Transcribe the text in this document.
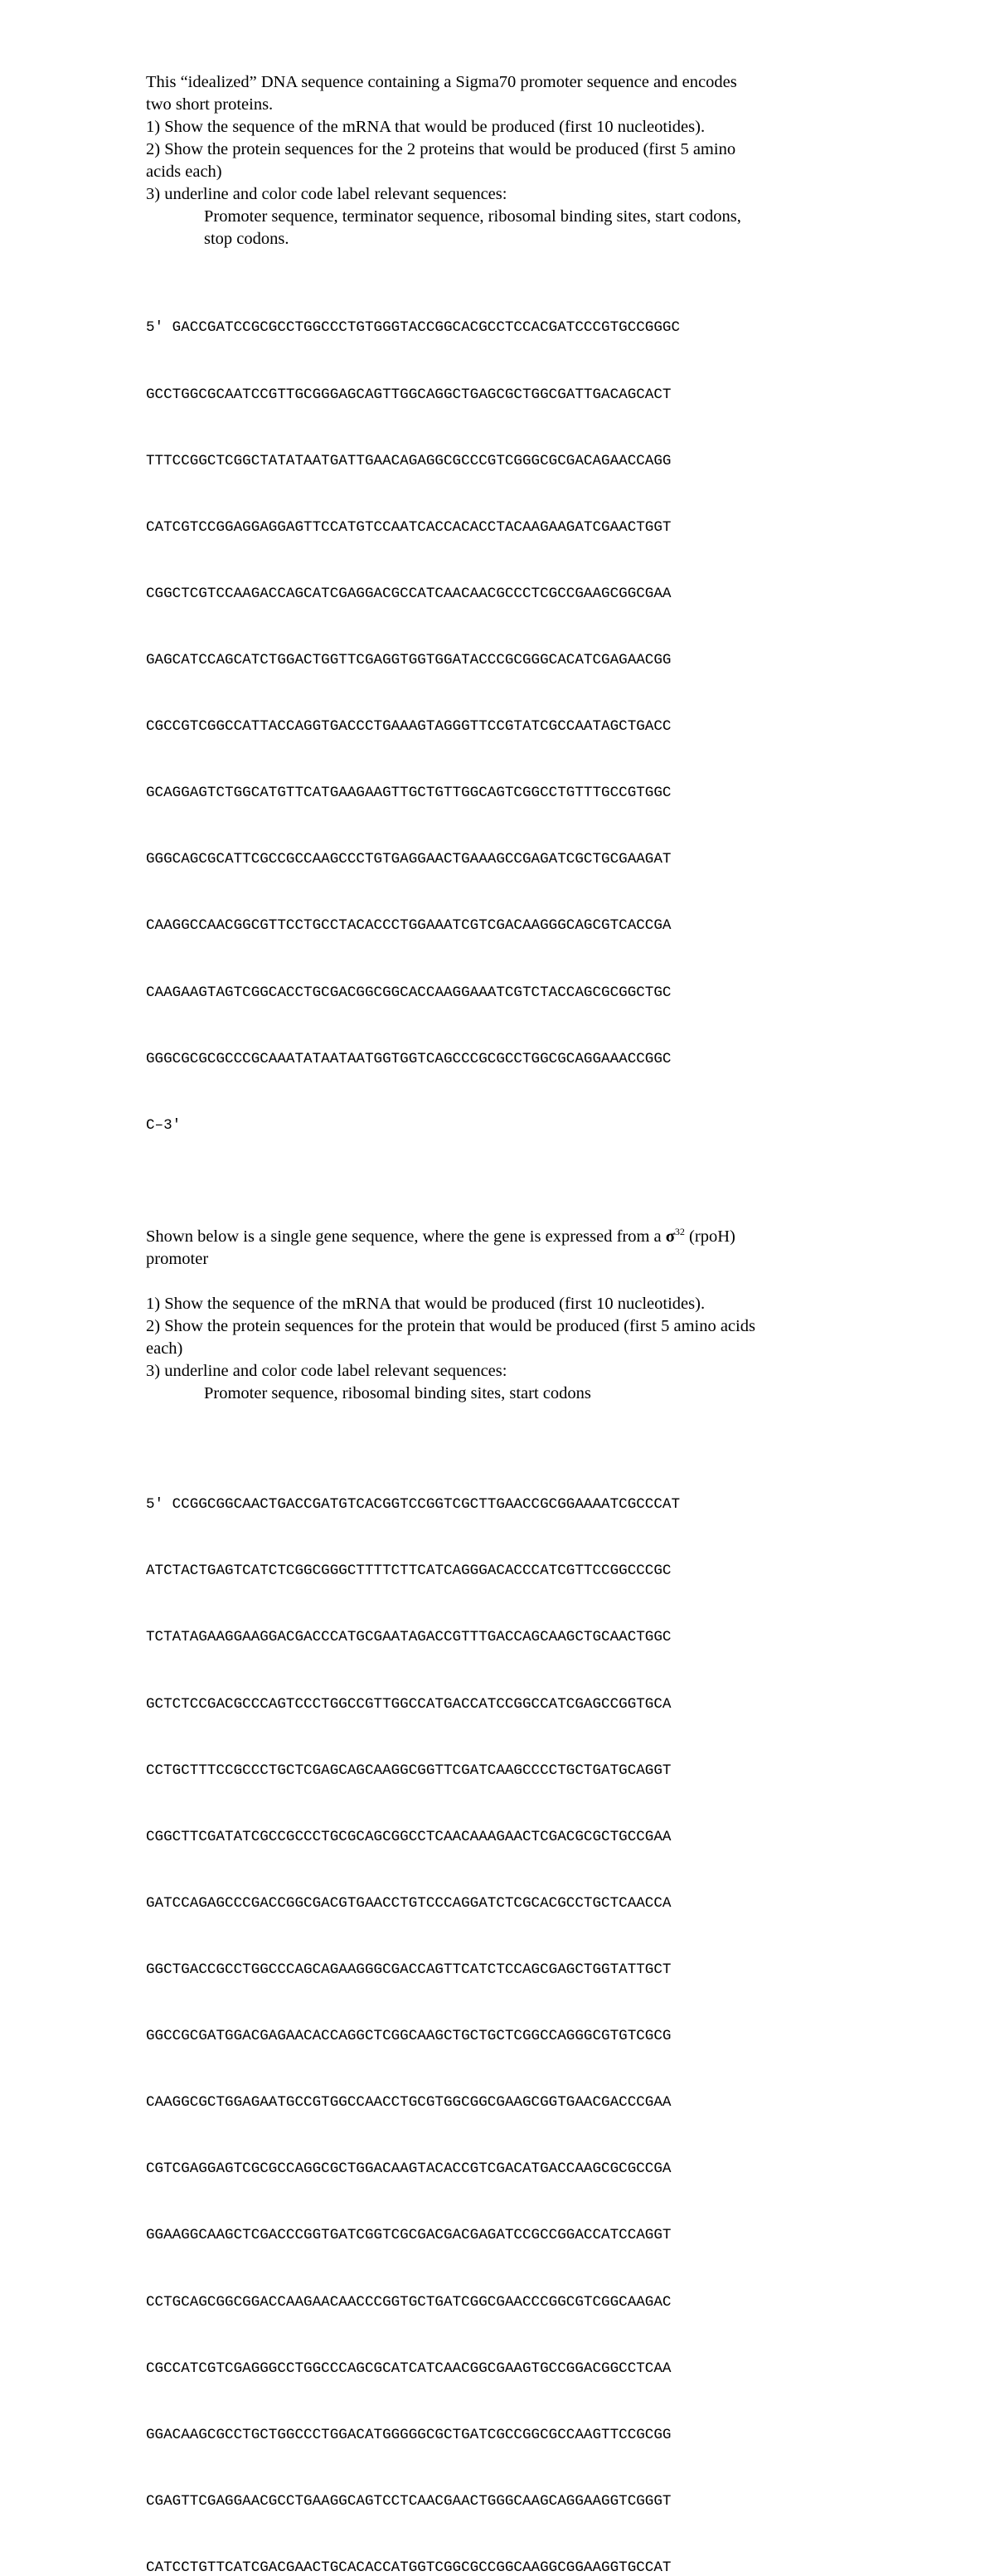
This “idealized” DNA sequence containing a Sigma70 promoter sequence and encodes
two short proteins.
1) Show the sequence of the mRNA that would be produced (first 10 nucleotides).
2) Show the protein sequences for the 2 proteins that would be produced (first 5 amino
acids each)
3) underline and color code label relevant sequences:
Promoter sequence, terminator sequence, ribosomal binding sites, start codons,
stop codons.

5′ GACCGATCCGCGCCTGGCCCTGTGGGTACCGGCACGCCTCCACGATCCCGTGCCGGGC

GCCTGGCGCAATCCGTTGCGGGAGCAGTTGGCAGGCTGAGCGCTGGCGATTGACAGCACT

TTTCCGGCTCGGCTATATAATGATTGAACAGAGGCGCCCGTCGGGCGCGACAGAACCAGG

CATCGTCCGGAGGAGGAGTTCCATGTCCAATCACCACACCTACAAGAAGATCGAACTGGT

CGGCTCGTCCAAGACCAGCATCGAGGACGCCATCAACAACGCCCTCGCCGAAGCGGCGAA

GAGCATCCAGCATCTGGACTGGTTCGAGGTGGTGGATACCCGCGGGCACATCGAGAACGG

CGCCGTCGGCCATTACCAGGTGACCCTGAAAGTAGGGTTCCGTATCGCCAATAGCTGACC

GCAGGAGTCTGGCATGTTCATGAAGAAGTTGCTGTTGGCAGTCGGCCTGTTTGCCGTGGC

GGGCAGCGCATTCGCCGCCAAGCCCTGTGAGGAACTGAAAGCCGAGATCGCTGCGAAGAT

CAAGGCCAACGGCGTTCCTGCCTACACCCTGGAAATCGTCGACAAGGGCAGCGTCACCGA

CAAGAAGTAGTCGGCACCTGCGACGGCGGCACCAAGGAAATCGTCTACCAGCGCGGCTGC

GGGCGCGCGCCCGCAAATATAATAATGGTGGTCAGCCCGCGCCTGGCGCAGGAAACCGGC

C–3′

Shown below is a single gene sequence, where the gene is expressed from a $\sigma^{32}$ (rpoH)
promoter

1) Show the sequence of the mRNA that would be produced (first 10 nucleotides).
2) Show the protein sequences for the protein that would be produced (first 5 amino acids
each)
3) underline and color code label relevant sequences:
Promoter sequence, ribosomal binding sites, start codons

5′ CCGGCGGCAACTGACCGATGTCACGGTCCGGTCGCTTGAACCGCGGAAAATCGCCCAT

ATCTACTGAGTCATCTCGGCGGGCTTTTCTTCATCAGGGACACCCATCGTTCCGGCCCGC

TCTATAGAAGGAAGGACGACCCATGCGAATAGACCGTTTGACCAGCAAGCTGCAACTGGC

GCTCTCCGACGCCCAGTCCCTGGCCGTTGGCCATGACCATCCGGCCATCGAGCCGGTGCA

CCTGCTTTCCGCCCTGCTCGAGCAGCAAGGCGGTTCGATCAAGCCCCTGCTGATGCAGGT

CGGCTTCGATATCGCCGCCCTGCGCAGCGGCCTCAACAAAGAACTCGACGCGCTGCCGAA

GATCCAGAGCCCGACCGGCGACGTGAACCTGTCCCAGGATCTCGCACGCCTGCTCAACCA

GGCTGACCGCCTGGCCCAGCAGAAGGGCGACCAGTTCATCTCCAGCGAGCTGGTATTGCT

GGCCGCGATGGACGAGAACACCAGGCTCGGCAAGCTGCTGCTCGGCCAGGGCGTGTCGCG

CAAGGCGCTGGAGAATGCCGTGGCCAACCTGCGTGGCGGCGAAGCGGTGAACGACCCGAA

CGTCGAGGAGTCGCGCCAGGCGCTGGACAAGTACACCGTCGACATGACCAAGCGCGCCGA

GGAAGGCAAGCTCGACCCGGTGATCGGTCGCGACGACGAGATCCGCCGGACCATCCAGGT

CCTGCAGCGGCGGACCAAGAACAACCCGGTGCTGATCGGCGAACCCGGCGTCGGCAAGAC

CGCCATCGTCGAGGGCCTGGCCCAGCGCATCATCAACGGCGAAGTGCCGGACGGCCTCAA

GGACAAGCGCCTGCTGGCCCTGGACATGGGGGCGCTGATCGCCGGCGCCAAGTTCCGCGG

CGAGTTCGAGGAACGCCTGAAGGCAGTCCTCAACGAACTGGGCAAGCAGGAAGGTCGGGT

CATCCTGTTCATCGACGAACTGCACACCATGGTCGGCGCCGGCAAGGCGGAAGGTGCCAT
